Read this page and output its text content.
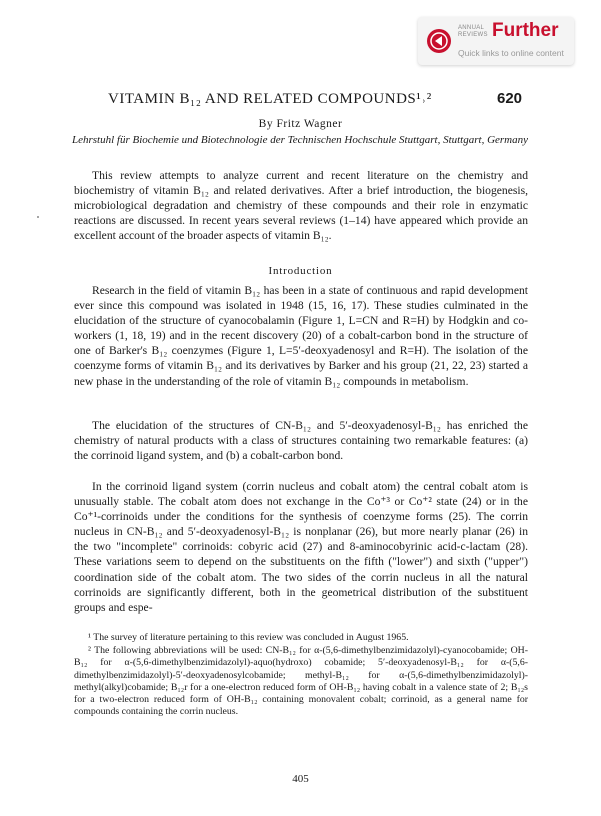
ANNUAL REVIEWS Further
Quick links to online content
VITAMIN B₁₂ AND RELATED COMPOUNDS¹˒²	620
By Fritz Wagner
Lehrstuhl für Biochemie und Biotechnologie der Technischen Hochschule Stuttgart, Stuttgart, Germany

This review attempts to analyze current and recent literature on the chemistry and biochemistry of vitamin B₁₂ and related derivatives. After a brief introduction, the biogenesis, microbiological degradation and chemistry of these compounds and their role in enzymatic reactions are discussed. In recent years several reviews (1–14) have appeared which provide an excellent account of the broader aspects of vitamin B₁₂.

Introduction

Research in the field of vitamin B₁₂ has been in a state of continuous and rapid development ever since this compound was isolated in 1948 (15, 16, 17). These studies culminated in the elucidation of the structure of cyanocobalamin (Figure 1, L=CN and R=H) by Hodgkin and co-workers (1, 18, 19) and in the recent discovery (20) of a cobalt-carbon bond in the structure of one of Barker's B₁₂ coenzymes (Figure 1, L=5′-deoxyadenosyl and R=H). The isolation of the coenzyme forms of vitamin B₁₂ and its derivatives by Barker and his group (21, 22, 23) started a new phase in the understanding of the role of vitamin B₁₂ compounds in metabolism.

The elucidation of the structures of CN-B₁₂ and 5′-deoxyadenosyl-B₁₂ has enriched the chemistry of natural products with a class of structures containing two remarkable features: (a) the corrinoid ligand system, and (b) a cobalt-carbon bond.

In the corrinoid ligand system (corrin nucleus and cobalt atom) the central cobalt atom is unusually stable. The cobalt atom does not exchange in the Co⁺³ or Co⁺² state (24) or in the Co⁺¹-corrinoids under the conditions for the synthesis of coenzyme forms (25). The corrin nucleus in CN-B₁₂ and 5′-deoxyadenosyl-B₁₂ is nonplanar (26), but more nearly planar (26) in the two "incomplete" corrinoids: cobyric acid (27) and 8-aminocobyrinic acid-c-lactam (28). These variations seem to depend on the substituents on the fifth ("lower") and sixth ("upper") coordination side of the cobalt atom. The two sides of the corrin nucleus in all the natural corrinoids are significantly different, both in the geometrical distribution of the substituent groups and espe-

¹ The survey of literature pertaining to this review was concluded in August 1965.

² The following abbreviations will be used: CN-B₁₂ for α-(5,6-dimethylbenzimidazolyl)-cyanocobamide; OH-B₁₂ for α-(5,6-dimethylbenzimidazolyl)-aquo(hydroxo) cobamide; 5′-deoxyadenosyl-B₁₂ for α-(5,6-dimethylbenzimidazolyl)-5′-deoxyadenosylcobamide; methyl-B₁₂ for α-(5,6-dimethylbenzimidazolyl)-methyl(alkyl)cobamide; B₁₂r for a one-electron reduced form of OH-B₁₂ having cobalt in a valence state of 2; B₁₂s for a two-electron reduced form of OH-B₁₂ containing monovalent cobalt; corrinoid, as a general name for compounds containing the corrin nucleus.

405
